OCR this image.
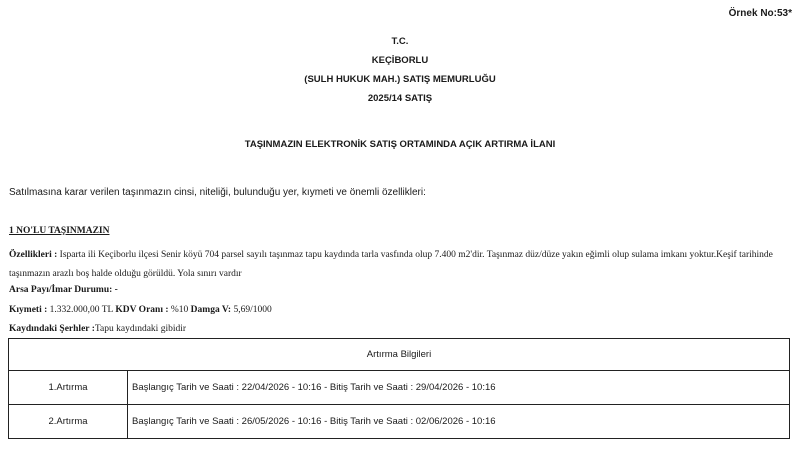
Örnek No:53*
T.C.
KEÇİBORLU
(SULH HUKUK MAH.) SATIŞ MEMURLUĞU
2025/14 SATIŞ
TAŞINMAZIN ELEKTRONİK SATIŞ ORTAMINDA AÇIK ARTIRMA İLANI
Satılmasına karar verilen taşınmazın cinsi, niteliği, bulunduğu yer, kıymeti ve önemli özellikleri:
1 NO'LU TAŞINMAZIN
Özellikleri : Isparta ili Keçiborlu ilçesi Senir köyü 704 parsel sayılı taşınmaz tapu kaydında tarla vasfında olup 7.400 m2'dir. Taşınmaz düz/düze yakın eğimli olup sulama imkanı yoktur.Keşif tarihinde taşınmazın arazlı boş halde olduğu görüldü. Yola sınırı vardır
Arsa Payı/İmar Durumu: -
Kıymeti : 1.332.000,00 TL KDV Oranı : %10 Damga V: 5,69/1000
Kaydındaki Şerhler :Tapu kaydındaki gibidir
Artırma Bilgileri	
1.Artırma	Başlangıç Tarih ve Saati : 22/04/2026 - 10:16 - Bitiş Tarih ve Saati : 29/04/2026 - 10:16
2.Artırma	Başlangıç Tarih ve Saati : 26/05/2026 - 10:16 - Bitiş Tarih ve Saati : 02/06/2026 - 10:16
